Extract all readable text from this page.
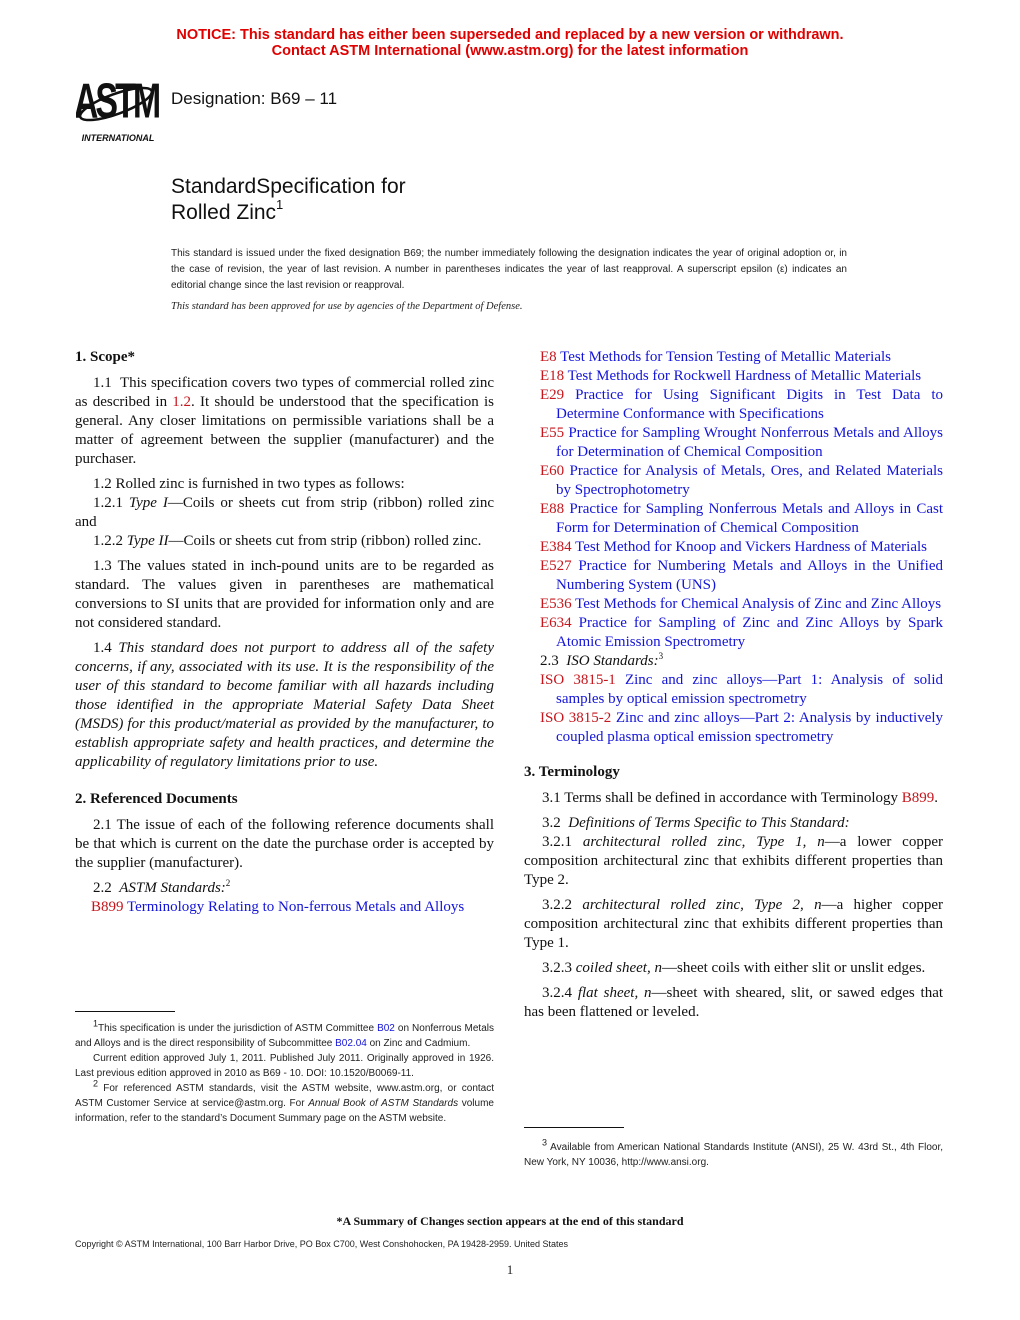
NOTICE: This standard has either been superseded and replaced by a new version or withdrawn.
Contact ASTM International (www.astm.org) for the latest information
ASTM
INTERNATIONAL
Designation: B69 – 11
StandardSpecification for
Rolled Zinc$^1$
This standard is issued under the fixed designation B69; the number immediately following the designation indicates the year of original adoption or, in the case of revision, the year of last revision. A number in parentheses indicates the year of last reapproval. A superscript epsilon (ε) indicates an editorial change since the last revision or reapproval.
This standard has been approved for use by agencies of the Department of Defense.
1. Scope*

1.1 This specification covers two types of commercial rolled zinc as described in 1.2. It should be understood that the specification is general. Any closer limitations on permissible variations shall be a matter of agreement between the supplier (manufacturer) and the purchaser.

1.2 Rolled zinc is furnished in two types as follows:

1.2.1 Type I—Coils or sheets cut from strip (ribbon) rolled zinc and

1.2.2 Type II—Coils or sheets cut from strip (ribbon) rolled zinc.

1.3 The values stated in inch-pound units are to be regarded as standard. The values given in parentheses are mathematical conversions to SI units that are provided for information only and are not considered standard.

1.4 This standard does not purport to address all of the safety concerns, if any, associated with its use. It is the responsibility of the user of this standard to become familiar with all hazards including those identified in the appropriate Material Safety Data Sheet (MSDS) for this product/material as provided by the manufacturer, to establish appropriate safety and health practices, and determine the applicability of regulatory limitations prior to use.

2. Referenced Documents

2.1 The issue of each of the following reference documents shall be that which is current on the date the purchase order is accepted by the supplier (manufacturer).

2.2 ASTM Standards:$^2$

B899 Terminology Relating to Non-ferrous Metals and Alloys

E8 Test Methods for Tension Testing of Metallic Materials

E18 Test Methods for Rockwell Hardness of Metallic Materials

E29 Practice for Using Significant Digits in Test Data to Determine Conformance with Specifications

E55 Practice for Sampling Wrought Nonferrous Metals and Alloys for Determination of Chemical Composition

E60 Practice for Analysis of Metals, Ores, and Related Materials by Spectrophotometry

E88 Practice for Sampling Nonferrous Metals and Alloys in Cast Form for Determination of Chemical Composition

E384 Test Method for Knoop and Vickers Hardness of Materials

E527 Practice for Numbering Metals and Alloys in the Unified Numbering System (UNS)

E536 Test Methods for Chemical Analysis of Zinc and Zinc Alloys

E634 Practice for Sampling of Zinc and Zinc Alloys by Spark Atomic Emission Spectrometry

2.3 ISO Standards:$^3$

ISO 3815-1 Zinc and zinc alloys—Part 1: Analysis of solid samples by optical emission spectrometry

ISO 3815-2 Zinc and zinc alloys—Part 2: Analysis by inductively coupled plasma optical emission spectrometry

3. Terminology

3.1 Terms shall be defined in accordance with Terminology B899.

3.2 Definitions of Terms Specific to This Standard:

3.2.1 architectural rolled zinc, Type 1, n—a lower copper composition architectural zinc that exhibits different properties than Type 2.

3.2.2 architectural rolled zinc, Type 2, n—a higher copper composition architectural zinc that exhibits different properties than Type 1.

3.2.3 coiled sheet, n—sheet coils with either slit or unslit edges.

3.2.4 flat sheet, n—sheet with sheared, slit, or sawed edges that has been flattened or leveled.

$^1$This specification is under the jurisdiction of ASTM Committee B02 on Nonferrous Metals and Alloys and is the direct responsibility of Subcommittee B02.04 on Zinc and Cadmium.

Current edition approved July 1, 2011. Published July 2011. Originally approved in 1926. Last previous edition approved in 2010 as B69 - 10. DOI: 10.1520/B0069-11.

$^2$ For referenced ASTM standards, visit the ASTM website, www.astm.org, or contact ASTM Customer Service at service@astm.org. For Annual Book of ASTM Standards volume information, refer to the standard’s Document Summary page on the ASTM website.

$^3$ Available from American National Standards Institute (ANSI), 25 W. 43rd St., 4th Floor, New York, NY 10036, http://www.ansi.org.

*A Summary of Changes section appears at the end of this standard
Copyright © ASTM International, 100 Barr Harbor Drive, PO Box C700, West Conshohocken, PA 19428-2959. United States
1
